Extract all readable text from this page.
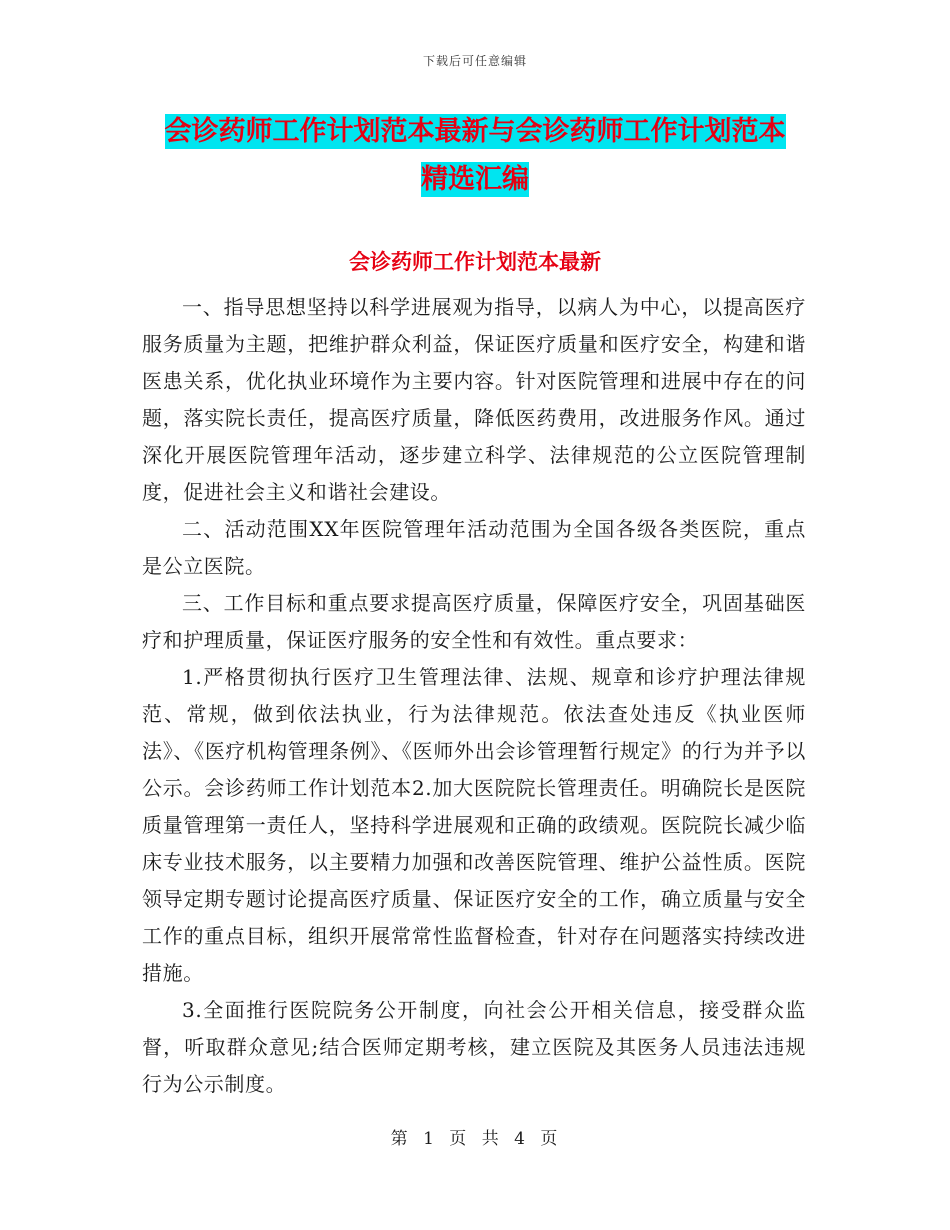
下载后可任意编辑
会诊药师工作计划范本最新与会诊药师工作计划范本
精选汇编
会诊药师工作计划范本最新

一、指导思想坚持以科学进展观为指导，以病人为中心，以提高医疗服务质量为主题，把维护群众利益，保证医疗质量和医疗安全，构建和谐医患关系，优化执业环境作为主要内容。针对医院管理和进展中存在的问题，落实院长责任，提高医疗质量，降低医药费用，改进服务作风。通过深化开展医院管理年活动，逐步建立科学、法律规范的公立医院管理制度，促进社会主义和谐社会建设。

二、活动范围XX年医院管理年活动范围为全国各级各类医院，重点是公立医院。

三、工作目标和重点要求提高医疗质量，保障医疗安全，巩固基础医疗和护理质量，保证医疗服务的安全性和有效性。重点要求：

1.严格贯彻执行医疗卫生管理法律、法规、规章和诊疗护理法律规范、常规，做到依法执业，行为法律规范。依法查处违反《执业医师法》、《医疗机构管理条例》、《医师外出会诊管理暂行规定》的行为并予以公示。会诊药师工作计划范本2.加大医院院长管理责任。明确院长是医院质量管理第一责任人，坚持科学进展观和正确的政绩观。医院院长减少临床专业技术服务，以主要精力加强和改善医院管理、维护公益性质。医院领导定期专题讨论提高医疗质量、保证医疗安全的工作，确立质量与安全工作的重点目标，组织开展常常性监督检查，针对存在问题落实持续改进措施。

3.全面推行医院院务公开制度，向社会公开相关信息，接受群众监督，听取群众意见;结合医师定期考核，建立医院及其医务人员违法违规行为公示制度。

第 1 页 共 4 页
